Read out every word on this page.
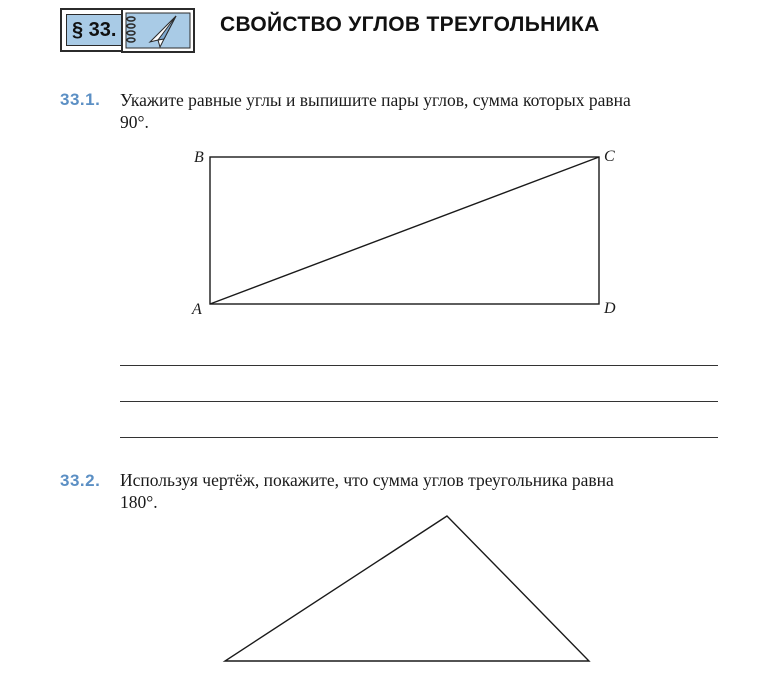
§ 33.	СВОЙСТВО УГЛОВ ТРЕУГОЛЬНИКА
33.1. Укажите равные углы и выпишите пары углов, сумма которых равна
90°.
B	C
A	D
33.2. Используя чертёж, покажите, что сумма углов треугольника равна
180°.
